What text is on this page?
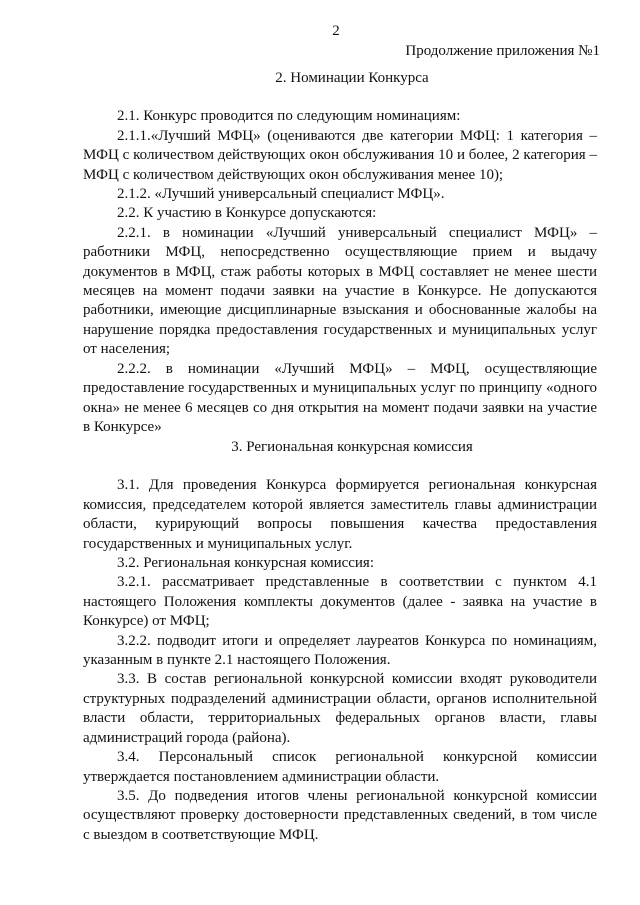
2
Продолжение приложения №1

2. Номинации Конкурса

2.1. Конкурс проводится по следующим номинациям:

2.1.1.«Лучший МФЦ» (оцениваются две категории МФЦ: 1 категория – МФЦ с количеством действующих окон обслуживания 10 и более, 2 категория – МФЦ с количеством действующих окон обслуживания менее 10);

2.1.2. «Лучший универсальный специалист МФЦ».

2.2. К участию в Конкурсе допускаются:

2.2.1. в номинации «Лучший универсальный специалист МФЦ» – работники МФЦ, непосредственно осуществляющие прием и выдачу документов в МФЦ, стаж работы которых в МФЦ составляет не менее шести месяцев на момент подачи заявки на участие в Конкурсе. Не допускаются работники, имеющие дисциплинарные взыскания и обоснованные жалобы на нарушение порядка предоставления государственных и муниципальных услуг от населения;

2.2.2. в номинации «Лучший МФЦ» – МФЦ, осуществляющие предоставление государственных и муниципальных услуг по принципу «одного окна» не менее 6 месяцев со дня открытия на момент подачи заявки на участие в Конкурсе»

3. Региональная конкурсная комиссия

3.1. Для проведения Конкурса формируется региональная конкурсная комиссия, председателем которой является заместитель главы администрации области, курирующий вопросы повышения качества предоставления государственных и муниципальных услуг.

3.2. Региональная конкурсная комиссия:

3.2.1. рассматривает представленные в соответствии с пунктом 4.1 настоящего Положения комплекты документов (далее - заявка на участие в Конкурсе) от МФЦ;

3.2.2. подводит итоги и определяет лауреатов Конкурса по номинациям, указанным в пункте 2.1 настоящего Положения.

3.3. В состав региональной конкурсной комиссии входят руководители структурных подразделений администрации области, органов исполнительной власти области, территориальных федеральных органов власти, главы администраций города (района).

3.4. Персональный список региональной конкурсной комиссии утверждается постановлением администрации области.

3.5. До подведения итогов члены региональной конкурсной комиссии осуществляют проверку достоверности представленных сведений, в том числе с выездом в соответствующие МФЦ.
